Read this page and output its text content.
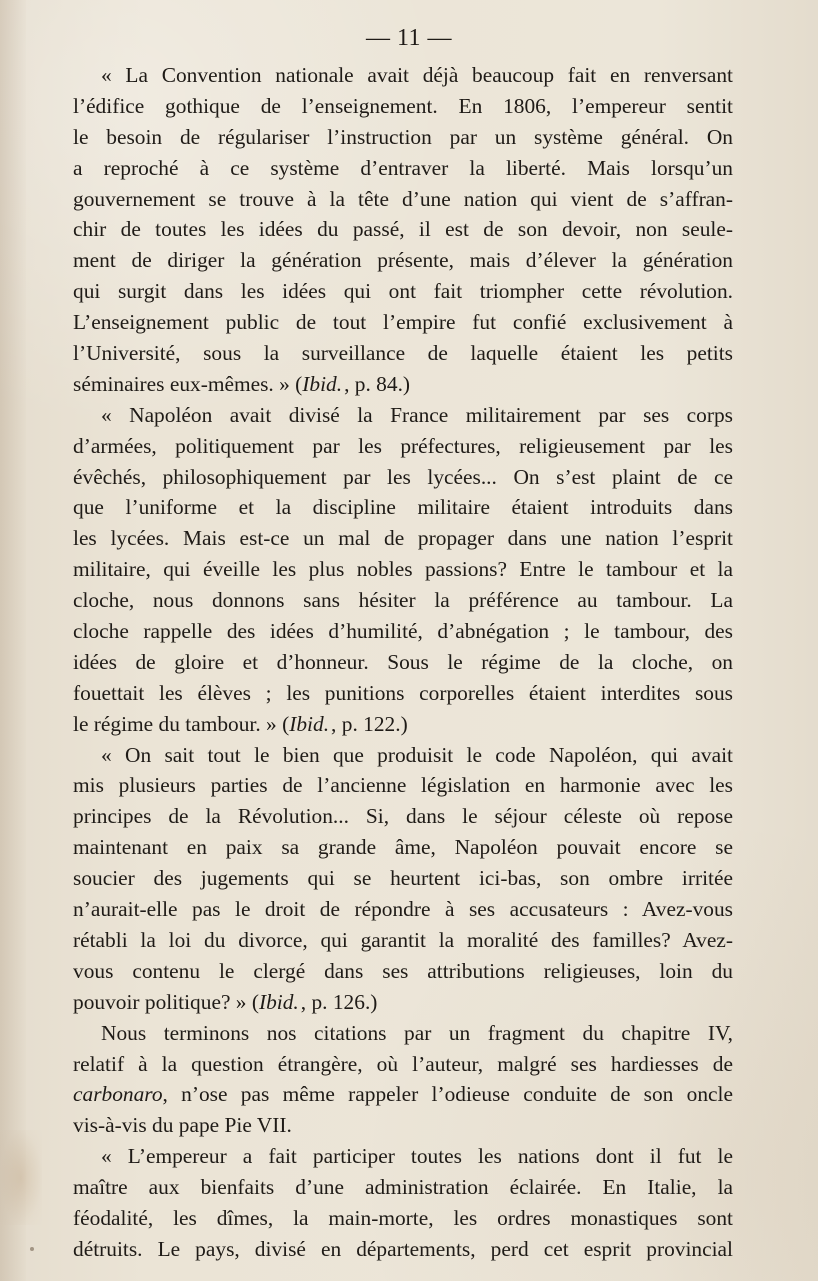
— 11 —

« La Convention nationale avait déjà beaucoup fait en renversant
l’édifice gothique de l’enseignement. En 1806, l’empereur sentit
le besoin de régulariser l’instruction par un système général. On
a reproché à ce système d’entraver la liberté. Mais lorsqu’un
gouvernement se trouve à la tête d’une nation qui vient de s’affran-
chir de toutes les idées du passé, il est de son devoir, non seule-
ment de diriger la génération présente, mais d’élever la génération
qui surgit dans les idées qui ont fait triompher cette révolution.
L’enseignement public de tout l’empire fut confié exclusivement à
l’Université, sous la surveillance de laquelle étaient les petits
séminaires eux-mêmes. » (Ibid., p. 84.)

« Napoléon avait divisé la France militairement par ses corps
d’armées, politiquement par les préfectures, religieusement par les
évêchés, philosophiquement par les lycées... On s’est plaint de ce
que l’uniforme et la discipline militaire étaient introduits dans
les lycées. Mais est-ce un mal de propager dans une nation l’esprit
militaire, qui éveille les plus nobles passions? Entre le tambour et la
cloche, nous donnons sans hésiter la préférence au tambour. La
cloche rappelle des idées d’humilité, d’abnégation ; le tambour, des
idées de gloire et d’honneur. Sous le régime de la cloche, on
fouettait les élèves ; les punitions corporelles étaient interdites sous
le régime du tambour. » (Ibid., p. 122.)

« On sait tout le bien que produisit le code Napoléon, qui avait
mis plusieurs parties de l’ancienne législation en harmonie avec les
principes de la Révolution... Si, dans le séjour céleste où repose
maintenant en paix sa grande âme, Napoléon pouvait encore se
soucier des jugements qui se heurtent ici-bas, son ombre irritée
n’aurait-elle pas le droit de répondre à ses accusateurs : Avez-vous
rétabli la loi du divorce, qui garantit la moralité des familles? Avez-
vous contenu le clergé dans ses attributions religieuses, loin du
pouvoir politique? » (Ibid., p. 126.)

Nous terminons nos citations par un fragment du chapitre IV,
relatif à la question étrangère, où l’auteur, malgré ses hardiesses de
carbonaro, n’ose pas même rappeler l’odieuse conduite de son oncle
vis-à-vis du pape Pie VII.

« L’empereur a fait participer toutes les nations dont il fut le
maître aux bienfaits d’une administration éclairée. En Italie, la
féodalité, les dîmes, la main-morte, les ordres monastiques sont
détruits. Le pays, divisé en départements, perd cet esprit provincial
